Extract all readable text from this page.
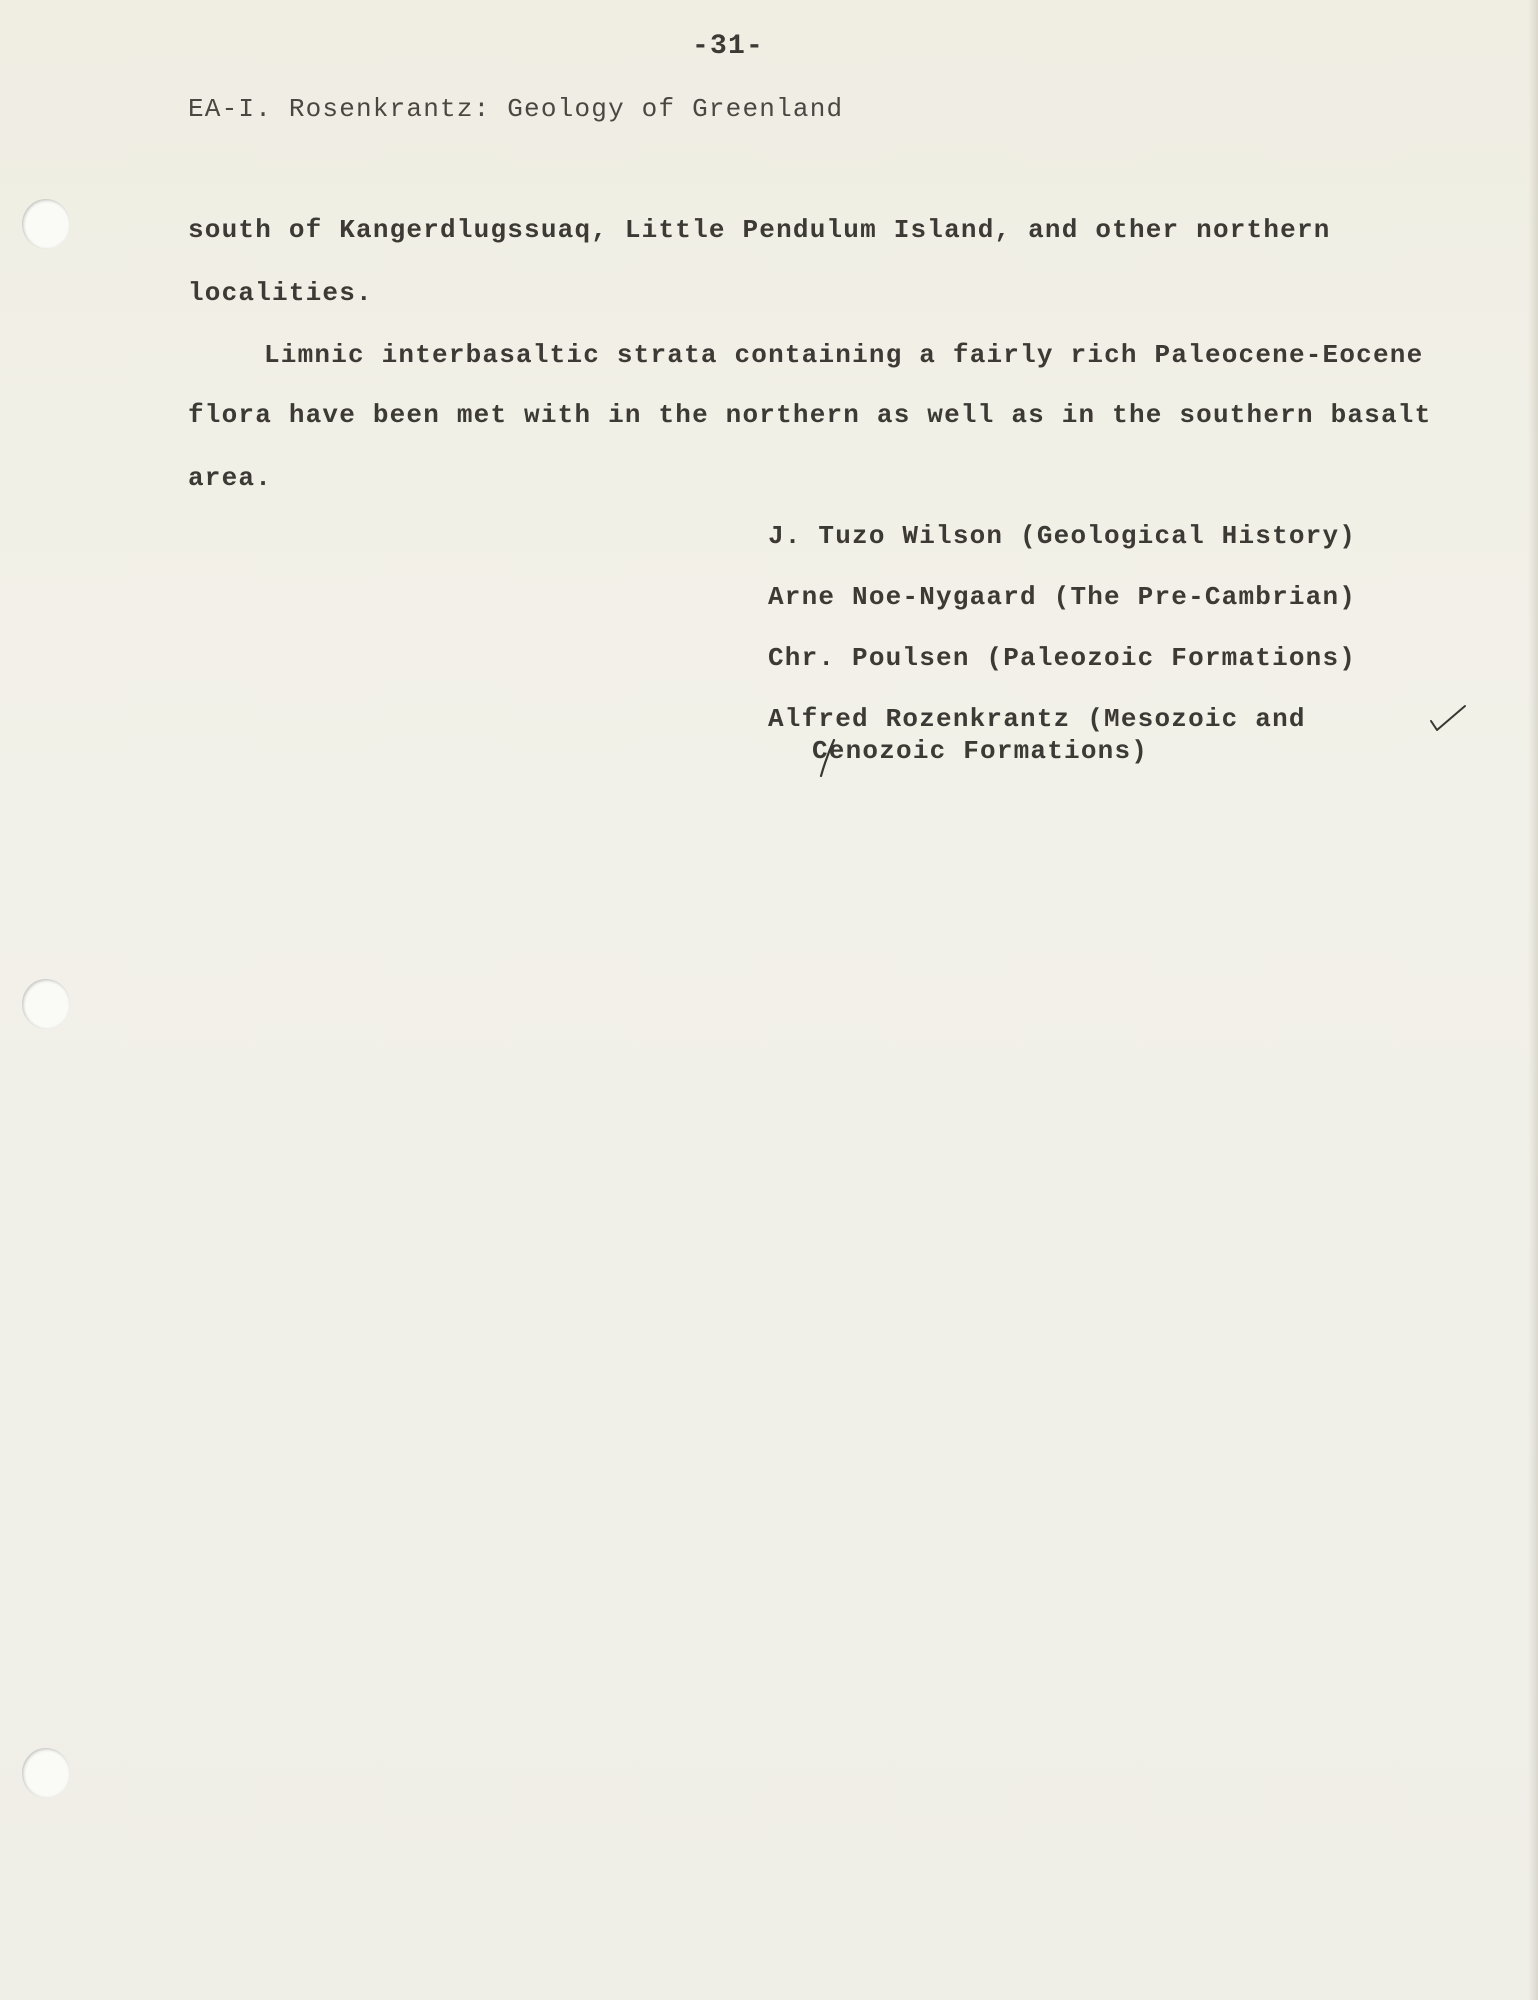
-31-

EA-I. Rosenkrantz: Geology of Greenland

south of Kangerdlugssuaq, Little Pendulum Island, and other northern

localities.

Limnic interbasaltic strata containing a fairly rich Paleocene-Eocene

flora have been met with in the northern as well as in the southern basalt

area.

J. Tuzo Wilson (Geological History)

Arne Noe-Nygaard (The Pre-Cambrian)

Chr. Poulsen (Paleozoic Formations)

Alfred Rozenkrantz (Mesozoic and

Cenozoic Formations)
